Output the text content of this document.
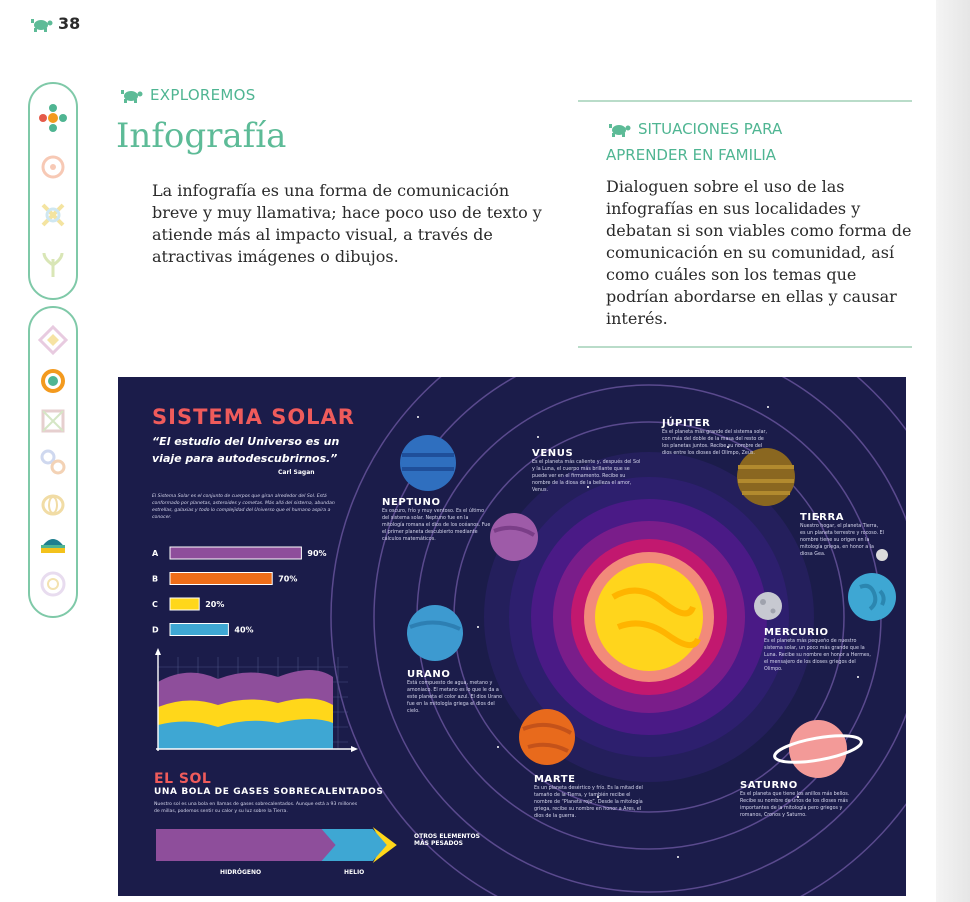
38
EXPLOREMOS
Infografía

La infografía es una forma de comunicación breve y muy llamativa; hace poco uso de texto y atiende más al impacto visual, a través de atractivas imágenes o dibujos.

SITUACIONES PARA
APRENDER EN FAMILIA

Dialoguen sobre el uso de las infografías en sus localidades y debatan si son viables como forma de comunicación en su comunidad, así como cuáles son los temas que podrían abordarse en ellas y causar interés.

A	90%
B	70%
C	20%
D	40%
SISTEMA SOLAR
“El estudio del Universo es un viaje para autodescubrirnos.”
Carl Sagan
El Sistema Solar es el conjunto de cuerpos que giran alrededor del Sol. Está conformado por planetas, asteroides y cometas. Más allá del sistema, abundan estrellas, galaxias y todo lo complejidad del Universo que el humano aspira a conocer.
EL SOL
UNA BOLA DE GASES SOBRECALENTADOS
Nuestro sol es una bola en llamas de gases sobrecalentados. Aunque está a 93 millones de millas, podemos sentir su calor y su luz sobre la Tierra.
HIDRÓGENO	HELIO
OTROS ELEMENTOS MÁS PESADOS
NEPTUNO
Es oscuro, frío y muy ventoso. Es el último del sistema solar. Neptuno fue en la mitología romana el dios de los océanos. Fue el primer planeta descubierto mediante cálculos matemáticos.
VENUS
Es el planeta más caliente y, después del Sol y la Luna, el cuerpo más brillante que se puede ver en el firmamento. Recibe su nombre de la diosa de la belleza el amor, Venus.
JÚPITER
Es el planeta más grande del sistema solar, con más del doble de la masa del resto de los planetas juntos. Recibe su nombre del dios entre los dioses del Olimpo, Zeus.
TIERRA
Nuestro hogar, el planeta Tierra, es un planeta terrestre y rocoso. El nombre tiene su origen en la mitología griega, en honor a la diosa Gea.
MERCURIO
Es el planeta más pequeño de nuestro sistema solar, un poco más grande que la Luna. Recibe su nombre en honor a Hermes, el mensajero de los dioses griegos del Olimpo.
URANO
Está compuesto de agua, metano y amoniaco. El metano es lo que le da a este planeta el color azul. El dios Urano fue en la mitología griega el dios del cielo.
MARTE
Es un planeta desértico y frío. Es la mitad del tamaño de la Tierra, y también recibe el nombre de “Planeta rojo”. Desde la mitología griega, recibe su nombre en honor a Ares, el dios de la guerra.
SATURNO
Es el planeta que tiene los anillos más bellos. Recibe su nombre de unos de los dioses más importantes de la mitología pero griegos y romanos, Cronos y Saturno.
